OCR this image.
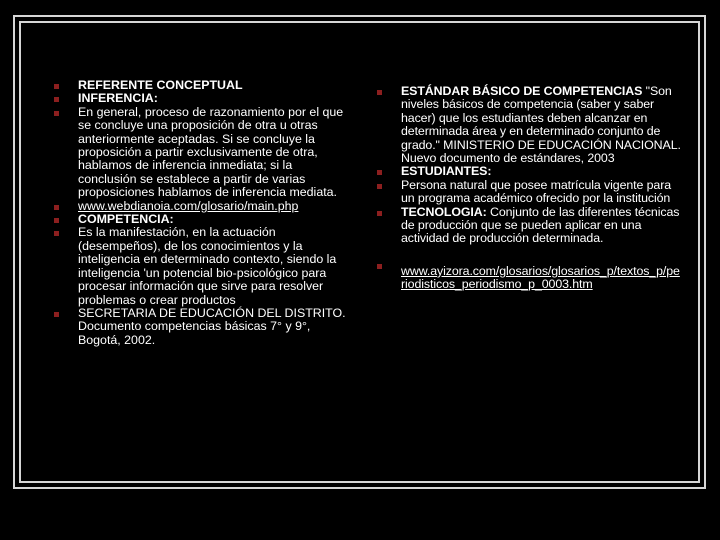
REFERENTE CONCEPTUAL
INFERENCIA:
En general, proceso de razonamiento por el que se concluye una proposición de otra u otras anteriormente aceptadas. Si se concluye la proposición a partir exclusivamente de otra, hablamos de inferencia inmediata; si la conclusión se establece a partir de varias proposiciones hablamos de inferencia mediata.
www.webdianoia.com/glosario/main.php
COMPETENCIA:
Es la manifestación, en la actuación (desempeños), de los conocimientos y la inteligencia en determinado contexto, siendo la inteligencia 'un potencial bio-psicológico para procesar información que sirve para resolver problemas o crear productos
SECRETARIA DE EDUCACIÓN DEL DISTRITO. Documento competencias básicas 7° y 9°, Bogotá, 2002.
ESTÁNDAR BÁSICO DE COMPETENCIAS "Son niveles básicos de competencia (saber y saber hacer) que los estudiantes deben alcanzar en determinada área y en determinado conjunto de grado." MINISTERIO DE EDUCACIÓN NACIONAL. Nuevo documento de estándares, 2003
ESTUDIANTES:
Persona natural que posee matrícula vigente para un programa académico ofrecido por la institución
TECNOLOGIA: Conjunto de las diferentes técnicas de producción que se pueden aplicar en una actividad de producción determinada.
www.ayizora.com/glosarios/glosarios_p/textos_p/periodisticos_periodismo_p_0003.htm
